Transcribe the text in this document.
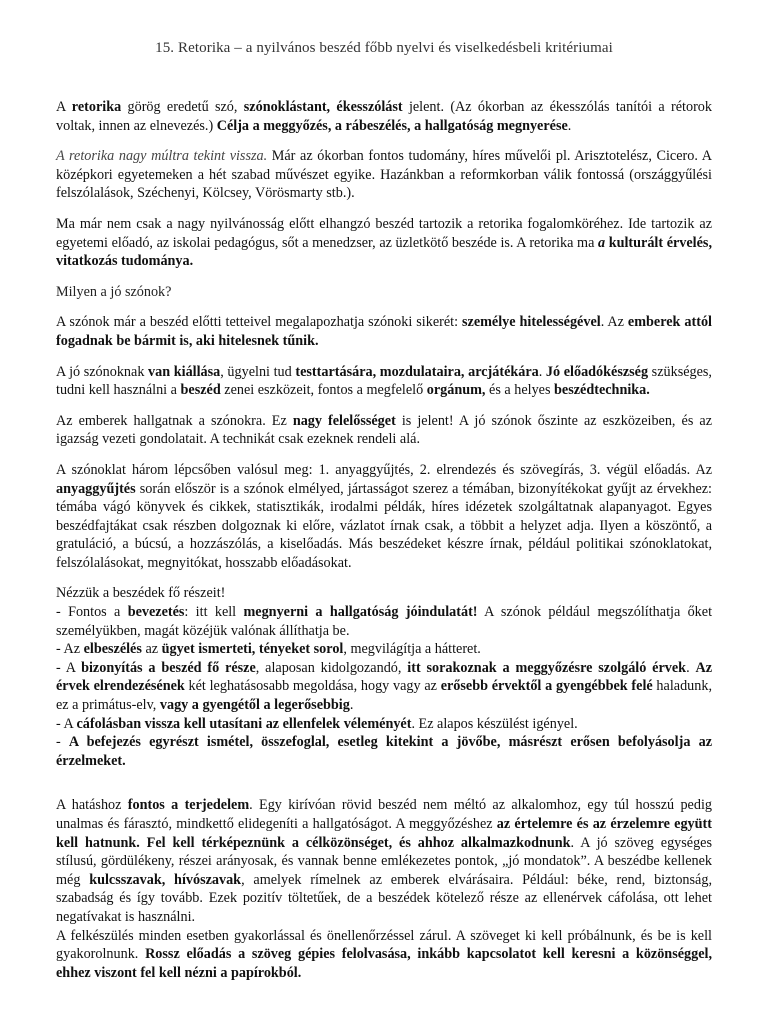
15. Retorika – a nyilvános beszéd főbb nyelvi és viselkedésbeli kritériumai

A retorika görög eredetű szó, szónoklástant, ékesszólást jelent. (Az ókorban az ékesszólás tanítói a rétorok voltak, innen az elnevezés.) Célja a meggyőzés, a rábeszélés, a hallgatóság megnyerése.

A retorika nagy múltra tekint vissza. Már az ókorban fontos tudomány, híres művelői pl. Arisztotelész, Cicero. A középkori egyetemeken a hét szabad művészet egyike. Hazánkban a reformkorban válik fontossá (országgyűlési felszólalások, Széchenyi, Kölcsey, Vörösmarty stb.).

Ma már nem csak a nagy nyilvánosság előtt elhangzó beszéd tartozik a retorika fogalomköréhez. Ide tartozik az egyetemi előadó, az iskolai pedagógus, sőt a menedzser, az üzletkötő beszéde is. A retorika ma a kulturált érvelés, vitatkozás tudománya.

Milyen a jó szónok?

A szónok már a beszéd előtti tetteivel megalapozhatja szónoki sikerét: személye hitelességével. Az emberek attól fogadnak be bármit is, aki hitelesnek tűnik.

A jó szónoknak van kiállása, ügyelni tud testtartására, mozdulataira, arcjátékára. Jó előadókészség szükséges, tudni kell használni a beszéd zenei eszközeit, fontos a megfelelő orgánum, és a helyes beszédtechnika.

Az emberek hallgatnak a szónokra. Ez nagy felelősséget is jelent! A jó szónok őszinte az eszközeiben, és az igazság vezeti gondolatait. A technikát csak ezeknek rendeli alá.

A szónoklat három lépcsőben valósul meg: 1. anyaggyűjtés, 2. elrendezés és szövegírás, 3. végül előadás. Az anyaggyűjtés során először is a szónok elmélyed, jártasságot szerez a témában, bizonyítékokat gyűjt az érvekhez: témába vágó könyvek és cikkek, statisztikák, irodalmi példák, híres idézetek szolgáltatnak alapanyagot. Egyes beszédfajtákat csak részben dolgoznak ki előre, vázlatot írnak csak, a többit a helyzet adja. Ilyen a köszöntő, a gratuláció, a búcsú, a hozzászólás, a kiselőadás. Más beszédeket készre írnak, például politikai szónoklatokat, felszólalásokat, megnyitókat, hosszabb előadásokat.

Nézzük a beszédek fő részeit!
- Fontos a bevezetés: itt kell megnyerni a hallgatóság jóindulatát! A szónok például megszólíthatja őket személyükben, magát közéjük valónak állíthatja be.
- Az elbeszélés az ügyet ismerteti, tényeket sorol, megvilágítja a hátteret.
- A bizonyítás a beszéd fő része, alaposan kidolgozandó, itt sorakoznak a meggyőzésre szolgáló érvek. Az érvek elrendezésének két leghatásosabb megoldása, hogy vagy az erősebb érvektől a gyengébbek felé haladunk, ez a primátus-elv, vagy a gyengétől a legerősebbig.
- A cáfolásban vissza kell utasítani az ellenfelek véleményét. Ez alapos készülést igényel.
- A befejezés egyrészt ismétel, összefoglal, esetleg kitekint a jövőbe, másrészt erősen befolyásolja az érzelmeket.

A hatáshoz fontos a terjedelem. Egy kirívóan rövid beszéd nem méltó az alkalomhoz, egy túl hosszú pedig unalmas és fárasztó, mindkettő elidegeníti a hallgatóságot. A meggyőzéshez az értelemre és az érzelemre együtt kell hatnunk. Fel kell térképeznünk a célközönséget, és ahhoz alkalmazkodnunk. A jó szöveg egységes stílusú, gördülékeny, részei arányosak, és vannak benne emlékezetes pontok, „jó mondatok”. A beszédbe kellenek még kulcsszavak, hívószavak, amelyek rímelnek az emberek elvárásaira. Például: béke, rend, biztonság, szabadság és így tovább. Ezek pozitív töltetűek, de a beszédek kötelező része az ellenérvek cáfolása, ott lehet negatívakat is használni.

A felkészülés minden esetben gyakorlással és önellenőrzéssel zárul. A szöveget ki kell próbálnunk, és be is kell gyakorolnunk. Rossz előadás a szöveg gépies felolvasása, inkább kapcsolatot kell keresni a közönséggel, ehhez viszont fel kell nézni a papírokból.
